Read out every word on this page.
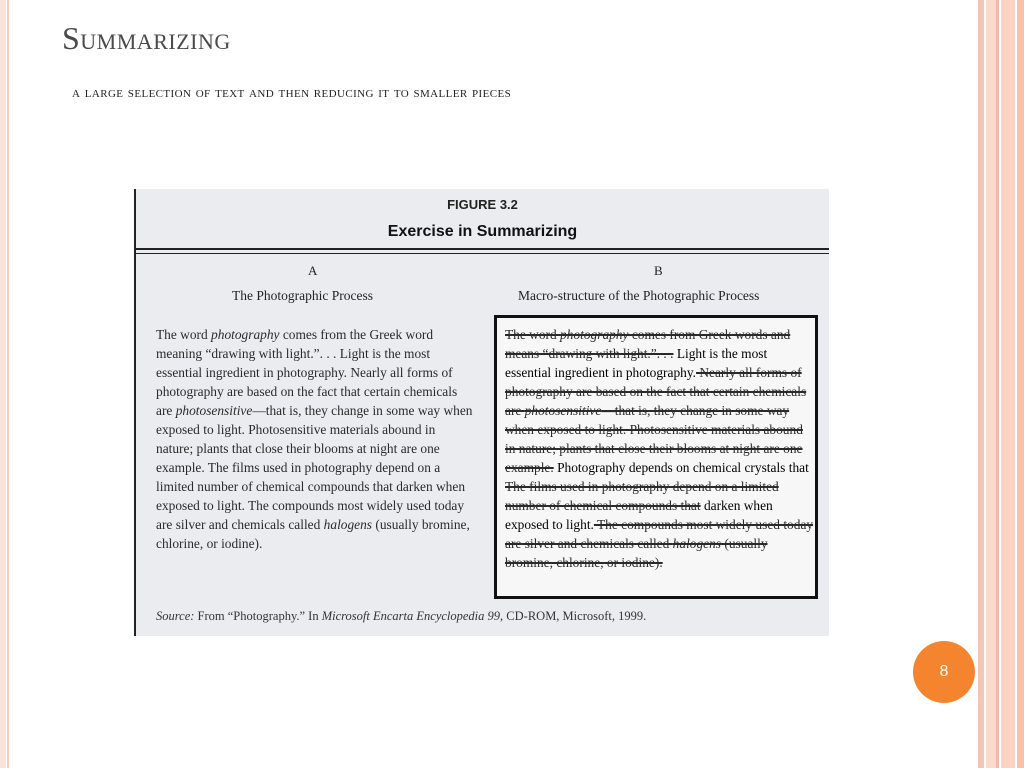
Summarizing
a large selection of text and then reducing it to smaller pieces
FIGURE 3.2
Exercise in Summarizing
A
The Photographic Process
B
Macro-structure of the Photographic Process
The word photography comes from the Greek word meaning “drawing with light.”. . . Light is the most essential ingredient in photography. Nearly all forms of photography are based on the fact that certain chemicals are photosensitive—that is, they change in some way when exposed to light. Photosensitive materials abound in nature; plants that close their blooms at night are one example. The films used in photography depend on a limited number of chemical compounds that darken when exposed to light. The compounds most widely used today are silver and chemicals called halogens (usually bromine, chlorine, or iodine).
The word photography comes from Greek words and means “drawing with light.”. . . Light is the most essential ingredient in photography. Nearly all forms of photography are based on the fact that certain chemicals are photosensitive—that is, they change in some way when exposed to light. Photosensitive materials abound in nature; plants that close their blooms at night are one example. Photography depends on chemical crystals that The films used in photography depend on a limited number of chemical compounds that darken when exposed to light. The compounds most widely used today are silver and chemicals called halogens (usually bromine, chlorine, or iodine).
Source: From “Photography.” In Microsoft Encarta Encyclopedia 99, CD-ROM, Microsoft, 1999.
8
